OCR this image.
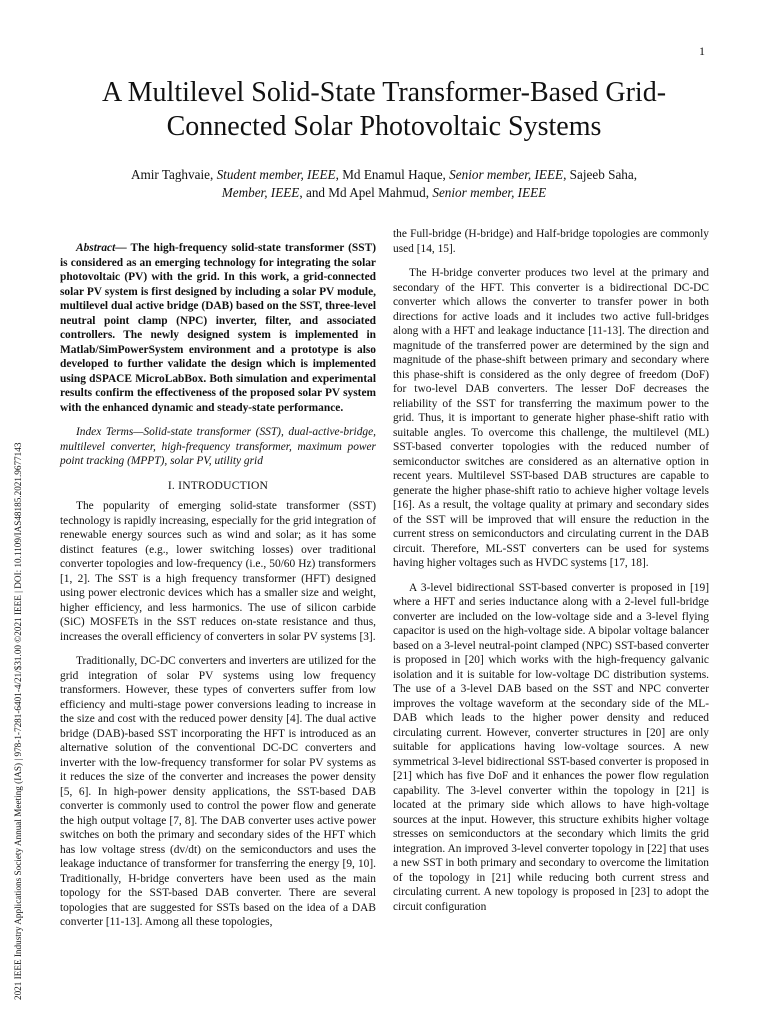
1
A Multilevel Solid-State Transformer-Based Grid-Connected Solar Photovoltaic Systems
Amir Taghvaie, Student member, IEEE, Md Enamul Haque, Senior member, IEEE, Sajeeb Saha,
Member, IEEE, and Md Apel Mahmud, Senior member, IEEE
2021 IEEE Industry Applications Society Annual Meeting (IAS) | 978-1-7281-6401-4/21/$31.00 ©2021 IEEE | DOI: 10.1109/IAS48185.2021.9677143

Abstract— The high-frequency solid-state transformer (SST) is considered as an emerging technology for integrating the solar photovoltaic (PV) with the grid. In this work, a grid-connected solar PV system is first designed by including a solar PV module, multilevel dual active bridge (DAB) based on the SST, three-level neutral point clamp (NPC) inverter, filter, and associated controllers. The newly designed system is implemented in Matlab/SimPowerSystem environment and a prototype is also developed to further validate the design which is implemented using dSPACE MicroLabBox. Both simulation and experimental results confirm the effectiveness of the proposed solar PV system with the enhanced dynamic and steady-state performance.

Index Terms—Solid-state transformer (SST), dual-active-bridge, multilevel converter, high-frequency transformer, maximum power point tracking (MPPT), solar PV, utility grid

I. INTRODUCTION

The popularity of emerging solid-state transformer (SST) technology is rapidly increasing, especially for the grid integration of renewable energy sources such as wind and solar; as it has some distinct features (e.g., lower switching losses) over traditional converter topologies and low-frequency (i.e., 50/60 Hz) transformers [1, 2]. The SST is a high frequency transformer (HFT) designed using power electronic devices which has a smaller size and weight, higher efficiency, and less harmonics. The use of silicon carbide (SiC) MOSFETs in the SST reduces on-state resistance and thus, increases the overall efficiency of converters in solar PV systems [3].

Traditionally, DC-DC converters and inverters are utilized for the grid integration of solar PV systems using low frequency transformers. However, these types of converters suffer from low efficiency and multi-stage power conversions leading to increase in the size and cost with the reduced power density [4]. The dual active bridge (DAB)-based SST incorporating the HFT is introduced as an alternative solution of the conventional DC-DC converters and inverter with the low-frequency transformer for solar PV systems as it reduces the size of the converter and increases the power density [5, 6]. In high-power density applications, the SST-based DAB converter is commonly used to control the power flow and generate the high output voltage [7, 8]. The DAB converter uses active power switches on both the primary and secondary sides of the HFT which has low voltage stress (dv/dt) on the semiconductors and uses the leakage inductance of transformer for transferring the energy [9, 10]. Traditionally, H-bridge converters have been used as the main topology for the SST-based DAB converter. There are several topologies that are suggested for SSTs based on the idea of a DAB converter [11-13]. Among all these topologies,

the Full-bridge (H-bridge) and Half-bridge topologies are commonly used [14, 15].

The H-bridge converter produces two level at the primary and secondary of the HFT. This converter is a bidirectional DC-DC converter which allows the converter to transfer power in both directions for active loads and it includes two active full-bridges along with a HFT and leakage inductance [11-13]. The direction and magnitude of the transferred power are determined by the sign and magnitude of the phase-shift between primary and secondary where this phase-shift is considered as the only degree of freedom (DoF) for two-level DAB converters. The lesser DoF decreases the reliability of the SST for transferring the maximum power to the grid. Thus, it is important to generate higher phase-shift ratio with suitable angles. To overcome this challenge, the multilevel (ML) SST-based converter topologies with the reduced number of semiconductor switches are considered as an alternative option in recent years. Multilevel SST-based DAB structures are capable to generate the higher phase-shift ratio to achieve higher voltage levels [16]. As a result, the voltage quality at primary and secondary sides of the SST will be improved that will ensure the reduction in the current stress on semiconductors and circulating current in the DAB circuit. Therefore, ML-SST converters can be used for systems having higher voltages such as HVDC systems [17, 18].

A 3-level bidirectional SST-based converter is proposed in [19] where a HFT and series inductance along with a 2-level full-bridge converter are included on the low-voltage side and a 3-level flying capacitor is used on the high-voltage side. A bipolar voltage balancer based on a 3-level neutral-point clamped (NPC) SST-based converter is proposed in [20] which works with the high-frequency galvanic isolation and it is suitable for low-voltage DC distribution systems. The use of a 3-level DAB based on the SST and NPC converter improves the voltage waveform at the secondary side of the ML-DAB which leads to the higher power density and reduced circulating current. However, converter structures in [20] are only suitable for applications having low-voltage sources. A new symmetrical 3-level bidirectional SST-based converter is proposed in [21] which has five DoF and it enhances the power flow regulation capability. The 3-level converter within the topology in [21] is located at the primary side which allows to have high-voltage sources at the input. However, this structure exhibits higher voltage stresses on semiconductors at the secondary which limits the grid integration. An improved 3-level converter topology in [22] that uses a new SST in both primary and secondary to overcome the limitation of the topology in [21] while reducing both current stress and circulating current. A new topology is proposed in [23] to adopt the circuit configuration
